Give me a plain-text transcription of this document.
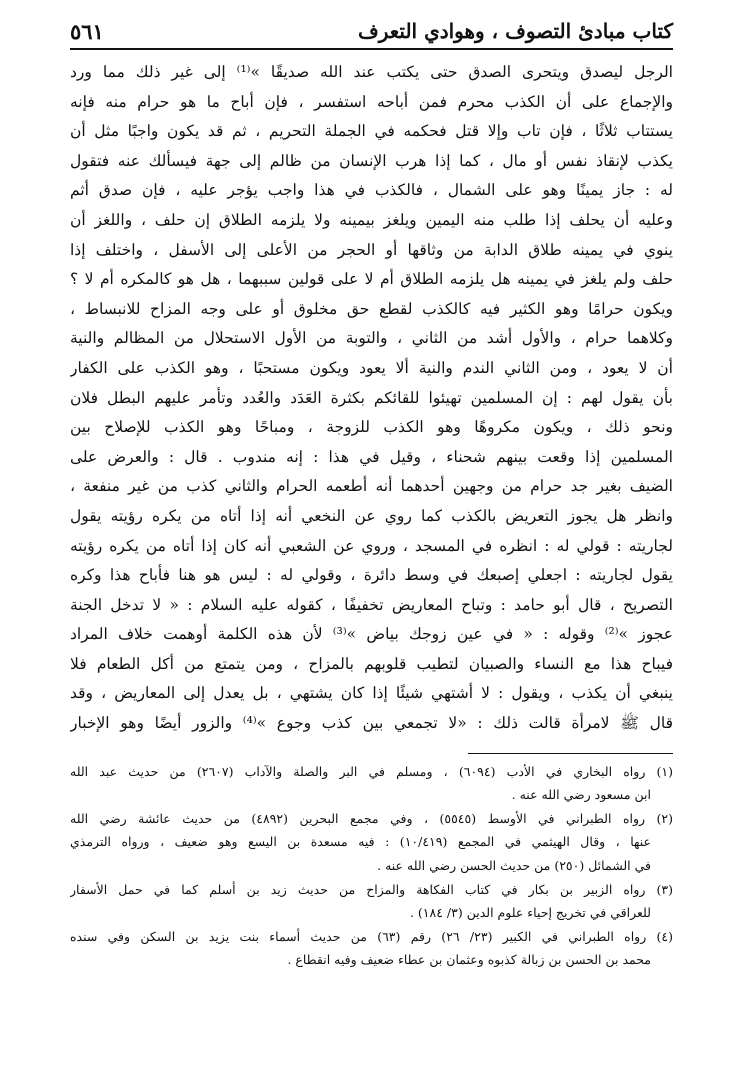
كتاب مبادئ التصوف ، وهوادي التعرف
٥٦١
الرجل ليصدق ويتحرى الصدق حتى يكتب عند الله صديقًا »⁽¹⁾ إلى غير ذلك مما ورد
والإجماع على أن الكذب محرم فمن أباحه استفسر ، فإن أباح ما هو حرام منه فإنه
يستتاب ثلاثًا ، فإن تاب وإلا قتل فحكمه في الجملة التحريم ، ثم قد يكون واجبًا مثل أن
يكذب لإنقاذ نفس أو مال ، كما إذا هرب الإنسان من ظالم إلى جهة فيسألك عنه فتقول
له : جاز يمينًا وهو على الشمال ، فالكذب في هذا واجب يؤجر عليه ، فإن صدق أثم
وعليه أن يحلف إذا طلب منه اليمين ويلغز بيمينه ولا يلزمه الطلاق إن حلف ، واللغز أن
ينوي في يمينه طلاق الدابة من وثاقها أو الحجر من الأعلى إلى الأسفل ، واختلف إذا
حلف ولم يلغز في يمينه هل يلزمه الطلاق أم لا على قولين سببهما ، هل هو كالمكره أم لا ؟
ويكون حرامًا وهو الكثير فيه كالكذب لقطع حق مخلوق أو على وجه المزاح للانبساط ،
وكلاهما حرام ، والأول أشد من الثاني ، والتوبة من الأول الاستحلال من المظالم والنية
أن لا يعود ، ومن الثاني الندم والنية ألا يعود ويكون مستحبًا ، وهو الكذب على الكفار
بأن يقول لهم : إن المسلمين تهيئوا للقائكم بكثرة العَدَد والعُدد وتأمر عليهم البطل فلان
ونحو ذلك ، ويكون مكروهًا وهو الكذب للزوجة ، ومباحًا وهو الكذب للإصلاح بين
المسلمين إذا وقعت بينهم شحناء ، وقيل في هذا : إنه مندوب . قال : والعرض على
الضيف بغير جد حرام من وجهين أحدهما أنه أطعمه الحرام والثاني كذب من غير منفعة ،
وانظر هل يجوز التعريض بالكذب كما روي عن النخعي أنه إذا أتاه من يكره رؤيته يقول
لجاريته : قولي له : انظره في المسجد ، وروي عن الشعبي أنه كان إذا أتاه من يكره رؤيته
يقول لجاريته : اجعلي إصبعك في وسط دائرة ، وقولي له : ليس هو هنا فأباح هذا وكره
التصريح ، قال أبو حامد : وتباح المعاريض تخفيفًا ، كقوله عليه السلام : « لا تدخل الجنة
عجوز »⁽²⁾ وقوله : « في عين زوجك بياض »⁽³⁾ لأن هذه الكلمة أوهمت خلاف المراد
فيباح هذا مع النساء والصبيان لتطيب قلوبهم بالمزاح ، ومن يتمتع من أكل الطعام فلا
ينبغي أن يكذب ، ويقول : لا أشتهي شيئًا إذا كان يشتهي ، بل يعدل إلى المعاريض ، وقد
قال ﷺ لامرأة قالت ذلك : «لا تجمعي بين كذب وجوع »⁽⁴⁾ والزور أيضًا وهو الإخبار
(١) رواه البخاري في الأدب (٦٠٩٤) ، ومسلم في البر والصلة والآداب (٢٦٠٧) من حديث عبد الله
ابن مسعود رضي الله عنه .
(٢) رواه الطبراني في الأوسط (٥٥٤٥) ، وفي مجمع البحرين (٤٨٩٢) من حديث عائشة رضي الله
عنها ، وقال الهيثمي في المجمع (١٠/٤١٩) : فيه مسعدة بن اليسع وهو ضعيف ، ورواه الترمذي
في الشمائل (٢٥٠) من حديث الحسن رضي الله عنه .
(٣) رواه الزبير بن بكار في كتاب الفكاهة والمزاح من حديث زيد بن أسلم كما في حمل الأسفار
للعراقي في تخريج إحياء علوم الدين (٣/ ١٨٤) .
(٤) رواه الطبراني في الكبير (٢٣/ ٢٦) رقم (٦٣) من حديث أسماء بنت يزيد بن السكن وفي سنده
محمد بن الحسن بن زبالة كذبوه وعثمان بن عطاء ضعيف وفيه انقطاع .
